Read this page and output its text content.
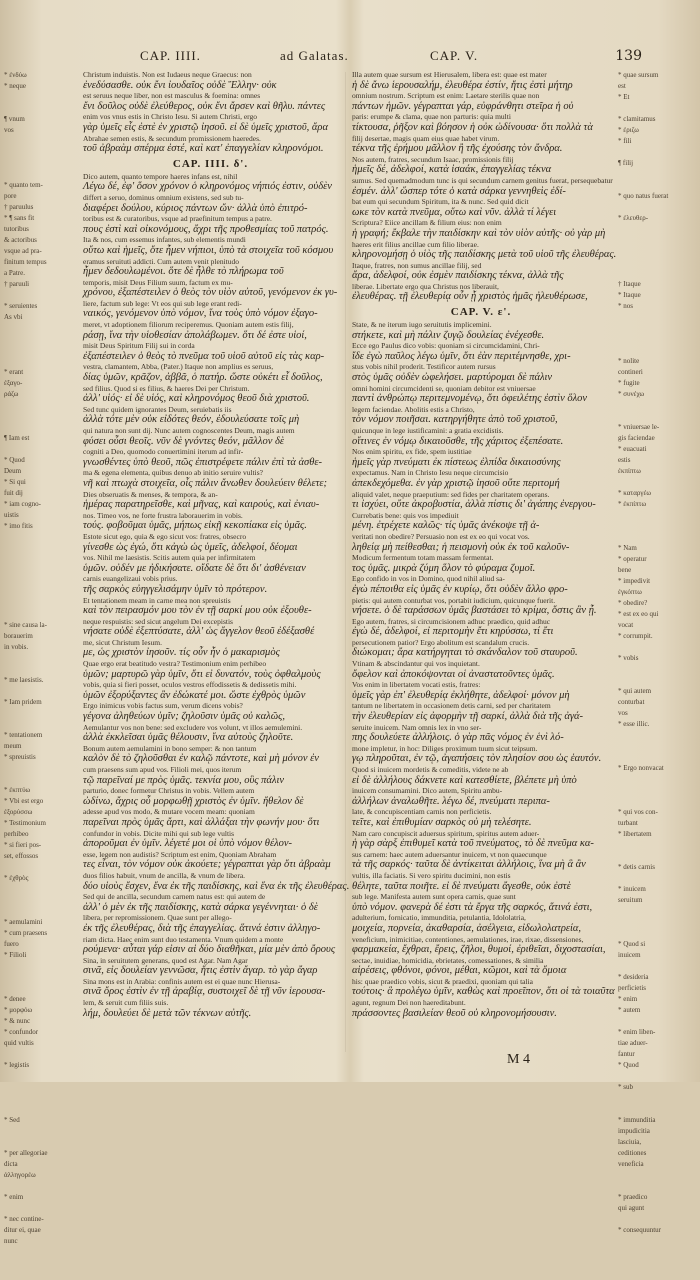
CAP. IIII.	ad Galatas.	CAP. V.	139
* ἐνδύω
* neque

¶ vnum
vos

* quanto tem-
pore
† paruulus
* ¶ sans fit
tutoribus
& actoribus
vsque ad pra-
finitum tempus
a Patre.
† paruuli

* seruientes
As vbi

* erant
ἐξαγο-
ράζω

¶ Iam est

* Quod
Deum
* Si qui
fuit dij
* iam cogno-
uistis
* imo fitis

* sine causa la-
borauerim
in vobis.

* me laesistis.

* Iam pridem

* tentationem
meum
* spreuistis

* ἐκπτύω
* Vbi est ergo
ἐξορύσσω
* Testimonium
perhibeo
* si fieri pos-
set, effossos

* ἐχθρὸς

* aemulamini
* cum praesens
fuero
* Filioli

* denee
* μορφόω
* & nunc
* confundor
quid vultis

* legistis

* Sed

* per allegoriae
dicta
ἀλληγορέω

* enim

* nec contine-
ditur ei, quae
nunc

Christum induistis. Non est Iudaeus neque Graecus: non
ἐνεδύσασθε. οὐκ ἔνι ἰουδαῖος οὐδὲ Ἕλλην· οὐκ
est seruus neque liber, non est masculus & foemina: omnes
ἔνι δοῦλος οὐδὲ ἐλεύθερος, οὐκ ἔνι ἄρσεν καὶ θῆλυ. πάντες
enim vos vnus estis in Christo Iesu. Si autem Christi, ergo
γὰρ ὑμεῖς εἷς ἐστὲ ἐν χριστῷ ἰησοῦ. εἰ δὲ ὑμεῖς χριστοῦ, ἄρα
Abrahae semen estis, & secundum promissionem haeredes.
τοῦ ἀβραὰμ σπέρμα ἐστέ, καὶ κατ' ἐπαγγελίαν κληρονόμοι.
CAP. IIII. δ'.
Dico autem, quanto tempore haeres infans est, nihil
Λέγω δέ, ἐφ' ὅσον χρόνον ὁ κληρονόμος νήπιός ἐστιν, οὐδὲν
differt a seruo, dominus omnium existens, sed sub tu-
διαφέρει δούλου, κύριος πάντων ὤν· ἀλλὰ ὑπὸ ἐπιτρό-
toribus est & curatoribus, vsque ad praefinitum tempus a patre.
πους ἐστὶ καὶ οἰκονόμους, ἄχρι τῆς προθεσμίας τοῦ πατρός.
Ita & nos, cum essemus infantes, sub elementis mundi
οὕτω καὶ ἡμεῖς, ὅτε ἦμεν νήπιοι, ὑπὸ τὰ στοιχεῖα τοῦ κόσμου
eramus seruituti addicti. Cum autem venit plenitudo
ἦμεν δεδουλωμένοι. ὅτε δὲ ἦλθε τὸ πλήρωμα τοῦ
temporis, misit Deus Filium suum, factum ex mu-
χρόνου, ἐξαπέστειλεν ὁ θεὸς τὸν υἱὸν αὐτοῦ, γενόμενον ἐκ γυ-
liere, factum sub lege: Vt eos qui sub lege erant redi-
ναικός, γενόμενον ὑπὸ νόμον, ἵνα τοὺς ὑπὸ νόμον ἐξαγο-
meret, vt adoptionem filiorum reciperemus. Quoniam autem estis filij,
ράσῃ, ἵνα τὴν υἱοθεσίαν ἀπολάβωμεν. ὅτι δέ ἐστε υἱοί,
misit Deus Spiritum Filij sui in corda
ἐξαπέστειλεν ὁ θεὸς τὸ πνεῦμα τοῦ υἱοῦ αὐτοῦ εἰς τὰς καρ-
vestra, clamantem, Abba, (Pater.) Itaque non amplius es seruus,
δίας ὑμῶν, κρᾶζον, ἀββᾶ, ὁ πατήρ. ὥστε οὐκέτι εἶ δοῦλος,
sed filius. Quod si es filius, & haeres Dei per Christum.
ἀλλ' υἱός· εἰ δὲ υἱός, καὶ κληρονόμος θεοῦ διὰ χριστοῦ.
Sed tunc quidem ignorantes Deum, seruiebatis iis
ἀλλὰ τότε μὲν οὐκ εἰδότες θεόν, ἐδουλεύσατε τοῖς μὴ
qui natura non sunt dij. Nunc autem cognoscentes Deum, magis autem
φύσει οὖσι θεοῖς. νῦν δὲ γνόντες θεόν, μᾶλλον δὲ
cogniti a Deo, quomodo conuertimini iterum ad infir-
γνωσθέντες ὑπὸ θεοῦ, πῶς ἐπιστρέφετε πάλιν ἐπὶ τὰ ἀσθε-
ma & egena elementa, quibus denuo ab initio seruire vultis?
νῆ καὶ πτωχὰ στοιχεῖα, οἷς πάλιν ἄνωθεν δουλεύειν θέλετε;
Dies obseruatis & menses, & tempora, & an-
ἡμέρας παρατηρεῖσθε, καὶ μῆνας, καὶ καιρούς, καὶ ἐνιαυ-
nos. Timeo vos, ne forte frustra laborauerim in vobis.
τούς. φοβοῦμαι ὑμᾶς, μήπως εἰκῇ κεκοπίακα εἰς ὑμᾶς.
Estote sicut ego, quia & ego sicut vos: fratres, obsecro
γίνεσθε ὡς ἐγώ, ὅτι κἀγὼ ὡς ὑμεῖς, ἀδελφοί, δέομαι
vos. Nihil me laesistis. Scitis autem quia per infirmitatem
ὑμῶν. οὐδέν με ἠδικήσατε. οἴδατε δὲ ὅτι δι' ἀσθένειαν
carnis euangelizaui vobis prius.
τῆς σαρκὸς εὐηγγελισάμην ὑμῖν τὸ πρότερον.
Et tentationem meam in carne mea non spreuistis
καὶ τὸν πειρασμόν μου τὸν ἐν τῇ σαρκί μου οὐκ ἐξουθε-
neque respuistis: sed sicut angelum Dei excepistis
νήσατε οὐδὲ ἐξεπτύσατε, ἀλλ' ὡς ἄγγελον θεοῦ ἐδέξασθέ
me, sicut Christum Iesum.
με, ὡς χριστὸν ἰησοῦν. τίς οὖν ἦν ὁ μακαρισμὸς
Quae ergo erat beatitudo vestra? Testimonium enim perhibeo
ὑμῶν; μαρτυρῶ γὰρ ὑμῖν, ὅτι εἰ δυνατόν, τοὺς ὀφθαλμοὺς
vobis, quia si fieri posset, oculos vestros effodissetis & dedissetis mihi.
ὑμῶν ἐξορύξαντες ἂν ἐδώκατέ μοι. ὥστε ἐχθρὸς ὑμῶν
Ergo inimicus vobis factus sum, verum dicens vobis?
γέγονα ἀληθεύων ὑμῖν; ζηλοῦσιν ὑμᾶς οὐ καλῶς,
Aemulantur vos non bene: sed excludere vos volunt, vt illos aemulemini.
ἀλλὰ ἐκκλεῖσαι ὑμᾶς θέλουσιν, ἵνα αὐτοὺς ζηλοῦτε.
Bonum autem aemulamini in bono semper: & non tantum
καλὸν δὲ τὸ ζηλοῦσθαι ἐν καλῷ πάντοτε, καὶ μὴ μόνον ἐν
cum praesens sum apud vos. Filioli mei, quos iterum
τῷ παρεῖναί με πρὸς ὑμᾶς. τεκνία μου, οὓς πάλιν
parturio, donec formetur Christus in vobis. Vellem autem
ὠδίνω, ἄχρις οὗ μορφωθῇ χριστὸς ἐν ὑμῖν. ἤθελον δὲ
adesse apud vos modo, & mutare vocem meam: quoniam
παρεῖναι πρὸς ὑμᾶς ἄρτι, καὶ ἀλλάξαι τὴν φωνήν μου· ὅτι
confundor in vobis. Dicite mihi qui sub lege vultis
ἀποροῦμαι ἐν ὑμῖν. λέγετέ μοι οἱ ὑπὸ νόμον θέλον-
esse, legem non audistis? Scriptum est enim, Quoniam Abraham
τες εἶναι, τὸν νόμον οὐκ ἀκούετε; γέγραπται γὰρ ὅτι ἀβραὰμ
duos filios habuit, vnum de ancilla, & vnum de libera.
δύο υἱοὺς ἔσχεν, ἕνα ἐκ τῆς παιδίσκης, καὶ ἕνα ἐκ τῆς ἐλευθέρας.
Sed qui de ancilla, secundum carnem natus est: qui autem de
ἀλλ' ὁ μὲν ἐκ τῆς παιδίσκης, κατὰ σάρκα γεγέννηται· ὁ δὲ
libera, per repromissionem. Quae sunt per allego-
ἐκ τῆς ἐλευθέρας, διὰ τῆς ἐπαγγελίας. ἅτινά ἐστιν ἀλληγο-
riam dicta. Haec enim sunt duo testamenta. Vnum quidem a monte
ρούμενα· αὗται γάρ εἰσιν αἱ δύο διαθῆκαι, μία μὲν ἀπὸ ὄρους
Sina, in seruitutem generans, quod est Agar. Nam Agar
σινᾶ, εἰς δουλείαν γεννῶσα, ἥτις ἐστὶν ἄγαρ. τὸ γὰρ ἄγαρ
Sina mons est in Arabia: confinis autem est ei quae nunc Hierusa-
σινᾶ ὄρος ἐστὶν ἐν τῇ ἀραβίᾳ, συστοιχεῖ δὲ τῇ νῦν ἱερουσα-
lem, & seruit cum filiis suis.
λήμ, δουλεύει δὲ μετὰ τῶν τέκνων αὐτῆς.
Illa autem quae sursum est Hierusalem, libera est: quae est mater
ἡ δὲ ἄνω ἱερουσαλήμ, ἐλευθέρα ἐστίν, ἥτις ἐστὶ μήτηρ
omnium nostrum. Scriptum est enim: Laetare sterilis quae non
πάντων ἡμῶν. γέγραπται γάρ, εὐφράνθητι στεῖρα ἡ οὐ
paris: erumpe & clama, quae non parturis: quia multi
τίκτουσα, ῥῆξον καὶ βόησον ἡ οὐκ ὠδίνουσα· ὅτι πολλὰ τὰ
filij desertae, magis quam eius quae habet virum.
τέκνα τῆς ἐρήμου μᾶλλον ἢ τῆς ἐχούσης τὸν ἄνδρα.
Nos autem, fratres, secundum Isaac, promissionis filij
ἡμεῖς δέ, ἀδελφοί, κατὰ ἰσαάκ, ἐπαγγελίας τέκνα
sumus. Sed quemadmodum tunc is qui secundum carnem genitus fuerat, persequebatur
ἐσμέν. ἀλλ' ὥσπερ τότε ὁ κατὰ σάρκα γεννηθεὶς ἐδί-
bat eum qui secundum Spiritum, ita & nunc. Sed quid dicit
ωκε τὸν κατὰ πνεῦμα, οὕτω καὶ νῦν. ἀλλὰ τί λέγει
Scriptura? Eiice ancillam & filium eius: non enim
ἡ γραφή; ἔκβαλε τὴν παιδίσκην καὶ τὸν υἱὸν αὐτῆς· οὐ γὰρ μὴ
haeres erit filius ancillae cum filio liberae.
κληρονομήσῃ ὁ υἱὸς τῆς παιδίσκης μετὰ τοῦ υἱοῦ τῆς ἐλευθέρας.
Itaque, fratres, non sumus ancillae filij, sed
ἄρα, ἀδελφοί, οὐκ ἐσμὲν παιδίσκης τέκνα, ἀλλὰ τῆς
liberae. Libertate ergo qua Christus nos liberauit,
ἐλευθέρας. τῇ ἐλευθερίᾳ οὖν ᾗ χριστὸς ἡμᾶς ἠλευθέρωσε,
CAP. V. ε'.
State, & ne iterum iugo seruitutis implicemini.
στήκετε, καὶ μὴ πάλιν ζυγῷ δουλείας ἐνέχεσθε.
Ecce ego Paulus dico vobis: quoniam si circumcidamini, Chri-
ἴδε ἐγὼ παῦλος λέγω ὑμῖν, ὅτι ἐὰν περιτέμνησθε, χρι-
stus vobis nihil proderit. Testificor autem rursus
στὸς ὑμᾶς οὐδὲν ὠφελήσει. μαρτύρομαι δὲ πάλιν
omni homini circumcidenti se, quoniam debitor est vniuersae
παντὶ ἀνθρώπῳ περιτεμνομένῳ, ὅτι ὀφειλέτης ἐστὶν ὅλον
legem faciendae. Abolitis estis a Christo,
τὸν νόμον ποιῆσαι. κατηργήθητε ἀπὸ τοῦ χριστοῦ,
quicunque in lege iustificamini: a gratia excidistis.
οἵτινες ἐν νόμῳ δικαιοῦσθε, τῆς χάριτος ἐξεπέσατε.
Nos enim spiritu, ex fide, spem iustitiae
ἡμεῖς γὰρ πνεύματι ἐκ πίστεως ἐλπίδα δικαιοσύνης
expectamus. Nam in Christo Iesu neque circumcisio
ἀπεκδεχόμεθα. ἐν γὰρ χριστῷ ἰησοῦ οὔτε περιτομή
aliquid valet, neque praeputium: sed fides per charitatem operans.
τι ἰσχύει, οὔτε ἀκροβυστία, ἀλλὰ πίστις δι' ἀγάπης ἐνεργου-
Currebatis bene: quis vos impediuit
μένη. ἐτρέχετε καλῶς· τίς ὑμᾶς ἀνέκοψε τῇ ἀ-
veritati non obedire? Persuasio non est ex eo qui vocat vos.
ληθείᾳ μὴ πείθεσθαι; ἡ πεισμονὴ οὐκ ἐκ τοῦ καλοῦν-
Modicum fermentum totam massam fermentat.
τος ὑμᾶς. μικρὰ ζύμη ὅλον τὸ φύραμα ζυμοῖ.
Ego confido in vos in Domino, quod nihil aliud sa-
ἐγὼ πέποιθα εἰς ὑμᾶς ἐν κυρίῳ, ὅτι οὐδὲν ἄλλο φρο-
pietis: qui autem conturbat vos, portabit iudicium, quicunque fuerit.
νήσετε. ὁ δὲ ταράσσων ὑμᾶς βαστάσει τὸ κρίμα, ὅστις ἂν ᾖ.
Ego autem, fratres, si circumcisionem adhuc praedico, quid adhuc
ἐγὼ δέ, ἀδελφοί, εἰ περιτομὴν ἔτι κηρύσσω, τί ἔτι
persecutionem patior? Ergo abolitum est scandalum crucis.
διώκομαι; ἄρα κατήργηται τὸ σκάνδαλον τοῦ σταυροῦ.
Vtinam & abscindantur qui vos inquietant.
ὄφελον καὶ ἀποκόψονται οἱ ἀναστατοῦντες ὑμᾶς.
Vos enim in libertatem vocati estis, fratres:
ὑμεῖς γὰρ ἐπ' ἐλευθερίᾳ ἐκλήθητε, ἀδελφοί· μόνον μὴ
tantum ne libertatem in occasionem detis carni, sed per charitatem
τὴν ἐλευθερίαν εἰς ἀφορμὴν τῇ σαρκί, ἀλλὰ διὰ τῆς ἀγά-
seruite inuicem. Nam omnis lex in vno ser-
πης δουλεύετε ἀλλήλοις. ὁ γὰρ πᾶς νόμος ἐν ἑνὶ λό-
mone impletur, in hoc: Diliges proximum tuum sicut teipsum.
γῳ πληροῦται, ἐν τῷ, ἀγαπήσεις τὸν πλησίον σου ὡς ἑαυτόν.
Quod si inuicem mordetis & comeditis, videte ne ab
εἰ δὲ ἀλλήλους δάκνετε καὶ κατεσθίετε, βλέπετε μὴ ὑπὸ
inuicem consumamini. Dico autem, Spiritu ambu-
ἀλλήλων ἀναλωθῆτε. λέγω δέ, πνεύματι περιπα-
late, & concupiscentiam carnis non perficietis.
τεῖτε, καὶ ἐπιθυμίαν σαρκὸς οὐ μὴ τελέσητε.
Nam caro concupiscit aduersus spiritum, spiritus autem aduer-
ἡ γὰρ σὰρξ ἐπιθυμεῖ κατὰ τοῦ πνεύματος, τὸ δὲ πνεῦμα κα-
sus carnem: haec autem aduersantur inuicem, vt non quaecunque
τὰ τῆς σαρκός· ταῦτα δὲ ἀντίκειται ἀλλήλοις, ἵνα μὴ ἃ ἂν
vultis, illa faciatis. Si vero spiritu ducimini, non estis
θέλητε, ταῦτα ποιῆτε. εἰ δὲ πνεύματι ἄγεσθε, οὐκ ἐστὲ
sub lege. Manifesta autem sunt opera carnis, quae sunt
ὑπὸ νόμον. φανερὰ δέ ἐστι τὰ ἔργα τῆς σαρκός, ἅτινά ἐστι,
adulterium, fornicatio, immunditia, petulantia, Idololatria,
μοιχεία, πορνεία, ἀκαθαρσία, ἀσέλγεια, εἰδωλολατρεία,
veneficium, inimicitiae, contentiones, aemulationes, irae, rixae, dissensiones,
φαρμακεία, ἔχθραι, ἔρεις, ζῆλοι, θυμοί, ἐριθεῖαι, διχοστασίαι,
sectae, inuidiae, homicidia, ebrietates, comessationes, & similia
αἱρέσεις, φθόνοι, φόνοι, μέθαι, κῶμοι, καὶ τὰ ὅμοια
his: quae praedico vobis, sicut & praedixi, quoniam qui talia
τούτοις· ἃ προλέγω ὑμῖν, καθὼς καὶ προεῖπον, ὅτι οἱ τὰ τοιαῦτα
agunt, regnum Dei non haereditabunt.
πράσσοντες βασιλείαν θεοῦ οὐ κληρονομήσουσιν.
* quae sursum
est
* Et

* clamitamus
* ἐριζω
* fili

¶ filij

* quo natus fuerat

* ἐλευθερ-

† Itaque
* Itaque
* nos

* nolite
contineri
* fugite
* συνέχω

* vniuersae le-
gis faciendae
* euacuati
estis
ἐκπίπτω

* καταργέω
* ἐκπίπτω

* Nam
* operatur
bene
* impedivit
ἐγκόπτω
* obedire?
* est ex eo qui
vocat
* corrumpit.

* vobis

* qui autem
conturbat
vos
* esse illic.

* Ergo nonvacat

* qui vos con-
turbant
* libertatem

* detis carnis

* inuicem
seruitum

* Quod si
inuicem

* desideria
perficietis
* enim
* autem

* enim liben-
tiae aduer-
fantur
* Quod

* sub

* immunditia
impudicitia
lasciuia,
ceditiones
veneficia

* praedico
qui agunt

* consequuntur

M 4
